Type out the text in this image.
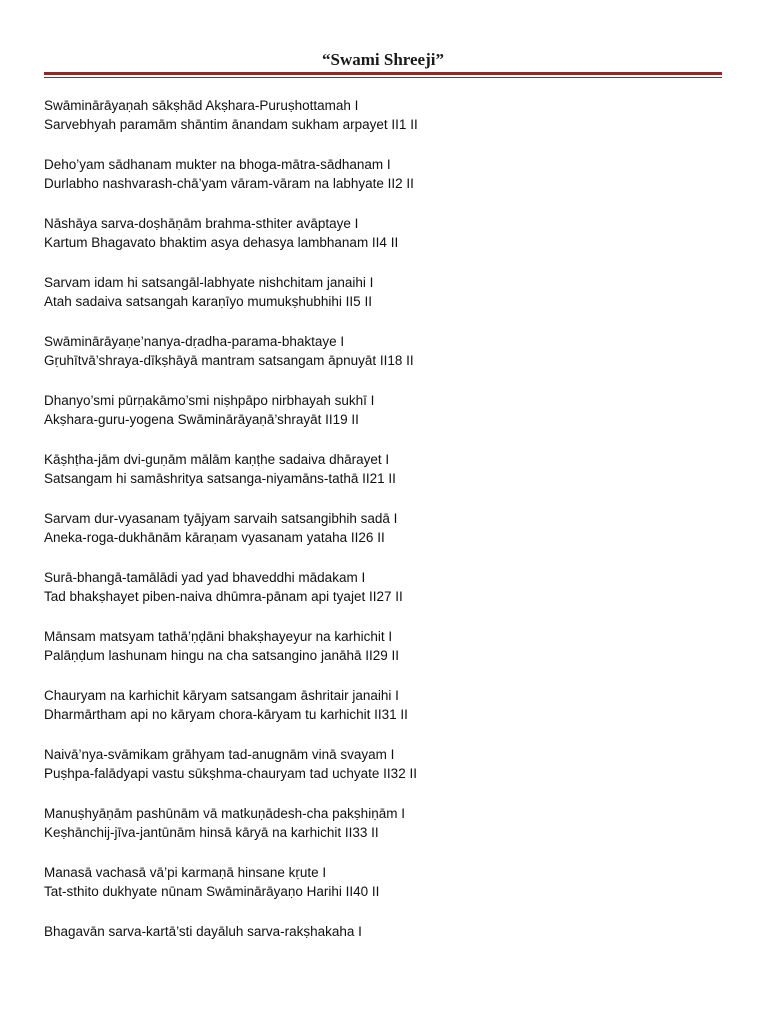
“Swami Shreeji”
Swāminārāyaṇah sākṣhād Akṣhara-Puruṣhottamah I
Sarvebhyah paramām shāntim ānandam sukham arpayet II1 II
Deho’yam sādhanam mukter na bhoga-mātra-sādhanam I
Durlabho nashvarash-chā’yam vāram-vāram na labhyate II2 II
Nāshāya sarva-doṣhāṇām brahma-sthiter avāptaye I
Kartum Bhagavato bhaktim asya dehasya lambhanam II4 II
Sarvam idam hi satsangāl-labhyate nishchitam janaihi I
Atah sadaiva satsangah karaṇīyo mumukṣhubhihi II5 II
Swāminārāyaṇe’nanya-dṛadha-parama-bhaktaye I
Gṛuhītvā’shraya-dīkṣhāyā mantram satsangam āpnuyāt II18 II
Dhanyo’smi pūrṇakāmo’smi niṣhpāpo nirbhayah sukhī I
Akṣhara-guru-yogena Swāminārāyaṇā’shrayāt II19 II
Kāṣhṭha-jām dvi-guṇām mālām kaṇṭhe sadaiva dhārayet I
Satsangam hi samāshritya satsanga-niyamāns-tathā II21 II
Sarvam dur-vyasanam tyājyam sarvaih satsangibhih sadā I
Aneka-roga-dukhānām kāraṇam vyasanam yataha II26 II
Surā-bhangā-tamālādi yad yad bhaveddhi mādakam I
Tad bhakṣhayet piben-naiva dhūmra-pānam api tyajet II27 II
Mānsam matsyam tathā’ṇḍāni bhakṣhayeyur na karhichit I
Palāṇḍum lashunam hingu na cha satsangino janāhā II29 II
Chauryam na karhichit kāryam satsangam āshritair janaihi I
Dharmārtham api no kāryam chora-kāryam tu karhichit II31 II
Naivā’nya-svāmikam grāhyam tad-anugnām vinā svayam I
Puṣhpa-falādyapi vastu sūkṣhma-chauryam tad uchyate II32 II
Manuṣhyāṇām pashūnām vā matkuṇādesh-cha pakṣhiṇām I
Keṣhānchij-jīva-jantūnām hinsā kāryā na karhichit II33 II
Manasā vachasā vā’pi karmaṇā hinsane kṛute I
Tat-sthito dukhyate nūnam Swāminārāyaṇo Harihi II40 II
Bhagavān sarva-kartā’sti dayāluh sarva-rakṣhakaha I
